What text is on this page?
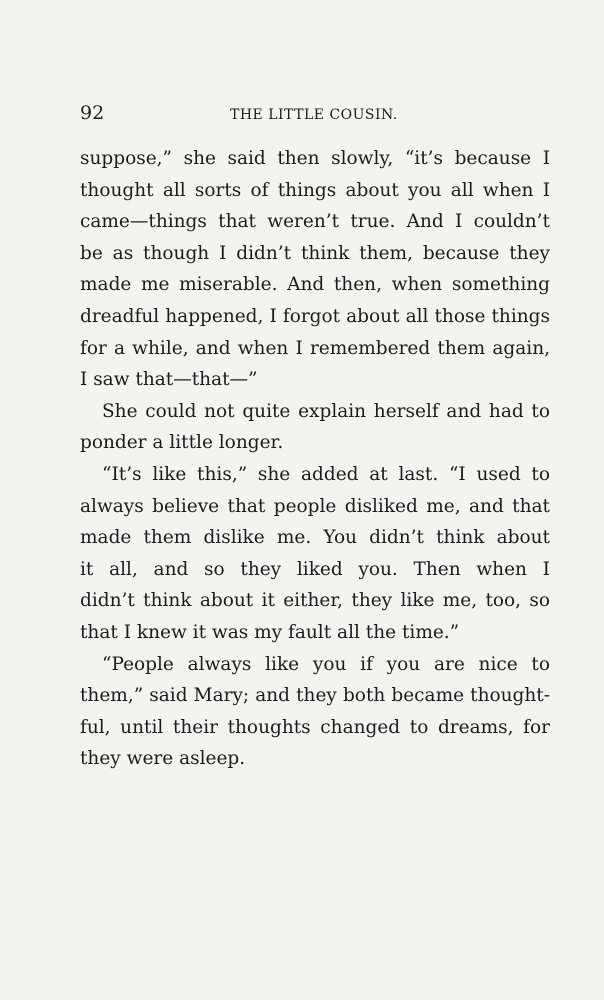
92	THE LITTLE COUSIN.
suppose,” she said then slowly, “it’s because I
thought all sorts of things about you all when I
came—things that weren’t true. And I couldn’t
be as though I didn’t think them, because they
made me miserable. And then, when something
dreadful happened, I forgot about all those things
for a while, and when I remembered them again,
I saw that—that—”
She could not quite explain herself and had to
ponder a little longer.
“It’s like this,” she added at last. “I used to
always believe that people disliked me, and that
made them dislike me. You didn’t think about
it all, and so they liked you. Then when I
didn’t think about it either, they like me, too, so
that I knew it was my fault all the time.”
“People always like you if you are nice to
them,” said Mary; and they both became thought-
ful, until their thoughts changed to dreams, for
they were asleep.
